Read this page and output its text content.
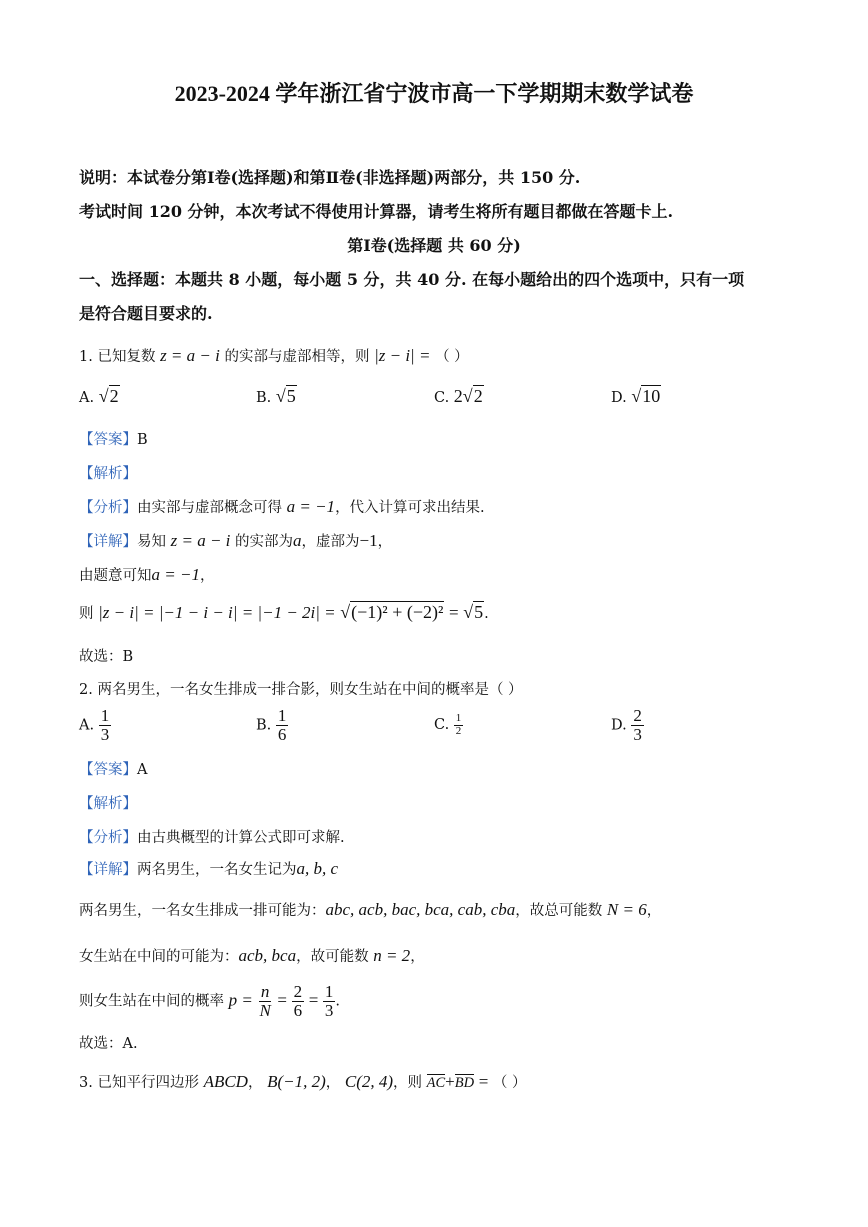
2023-2024 学年浙江省宁波市高一下学期期末数学试卷
说明：本试卷分第Ⅰ卷(选择题)和第Ⅱ卷(非选择题)两部分，共 150 分.
考试时间 120 分钟，本次考试不得使用计算器，请考生将所有题目都做在答题卡上.
第Ⅰ卷(选择题 共 60 分)
一、选择题：本题共 8 小题，每小题 5 分，共 40 分. 在每小题给出的四个选项中，只有一项
是符合题目要求的.
1. 已知复数 z = a − i 的实部与虚部相等，则 |z − i| = （ ）
A. √2	B. √5	C. 2√2	D. √10
【答案】B
【解析】
【分析】由实部与虚部概念可得 a = −1，代入计算可求出结果.
【详解】易知 z = a − i 的实部为a，虚部为−1，
由题意可知a = −1，
则 |z − i| = |−1 − i − i| = |−1 − 2i| = √(−1)² + (−2)² = √5.
故选：B
2. 两名男生，一名女生排成一排合影，则女生站在中间的概率是（ ）
A. $\frac{1}{3}$	B. $\frac{1}{6}$	C. $\frac{1}{2}$	D. $\frac{2}{3}$
【答案】A
【解析】
【分析】由古典概型的计算公式即可求解.
【详解】两名男生，一名女生记为a, b, c
两名男生，一名女生排成一排可能为：abc, acb, bac, bca, cab, cba，故总可能数 N = 6，
女生站在中间的可能为：acb, bca，故可能数 n = 2，
则女生站在中间的概率 $p = \frac{n}{N} = \frac{2}{6} = \frac{1}{3}$ .
故选：A.
3. 已知平行四边形 ABCD， B(−1, 2)， C(2, 4)，则 AC+BD = （ ）
